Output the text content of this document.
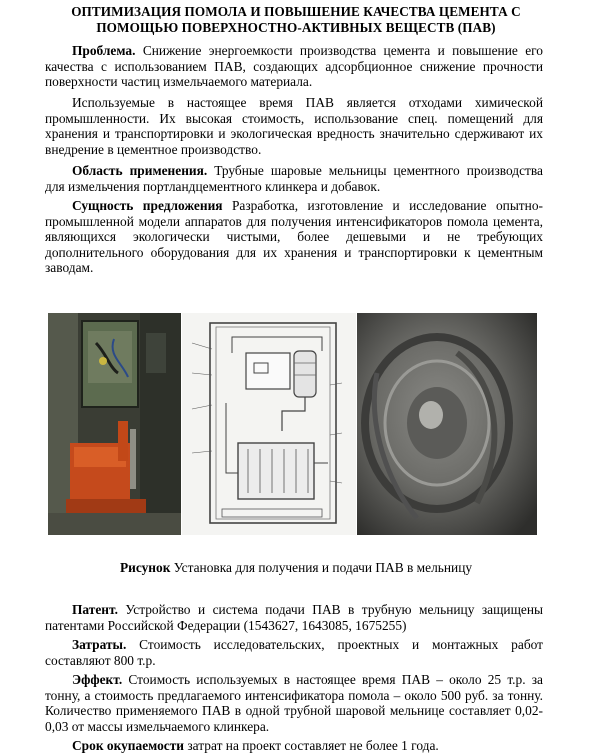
ОПТИМИЗАЦИЯ ПОМОЛА И ПОВЫШЕНИЕ КАЧЕСТВА ЦЕМЕНТА С ПОМОЩЬЮ ПОВЕРХНОСТНО-АКТИВНЫХ ВЕЩЕСТВ (ПАВ)
Проблема. Снижение энергоемкости производства цемента и повышение его качества с использованием ПАВ, создающих адсорбционное снижение прочности поверхности частиц измельчаемого материала.
Используемые в настоящее время ПАВ является отходами химической промышленности. Их высокая стоимость, использование спец. помещений для хранения и транспортировки и экологическая вредность значительно сдерживают их внедрение в цементное производство.
Область применения. Трубные шаровые мельницы цементного производства для измельчения портландцементного клинкера и добавок.
Сущность предложения Разработка, изготовление и исследование опытно-промышленной модели аппаратов для получения интенсификаторов помола цемента, являющихся экологически чистыми, более дешевыми и не требующих дополнительного оборудования для их хранения и транспортировки к цементным заводам.
Рисунок Установка для получения и подачи ПАВ в мельницу
Патент. Устройство и система подачи ПАВ в трубную мельницу защищены патентами Российской Федерации (1543627, 1643085, 1675255)
Затраты. Стоимость исследовательских, проектных и монтажных работ составляют 800 т.р.
Эффект. Стоимость используемых в настоящее время ПАВ – около 25 т.р. за тонну, а стоимость предлагаемого интенсификатора помола – около 500 руб. за тонну. Количество применяемого ПАВ в одной трубной шаровой мельнице составляет 0,02-0,03 от массы измельчаемого клинкера.
Срок окупаемости затрат на проект составляет не более 1 года.
